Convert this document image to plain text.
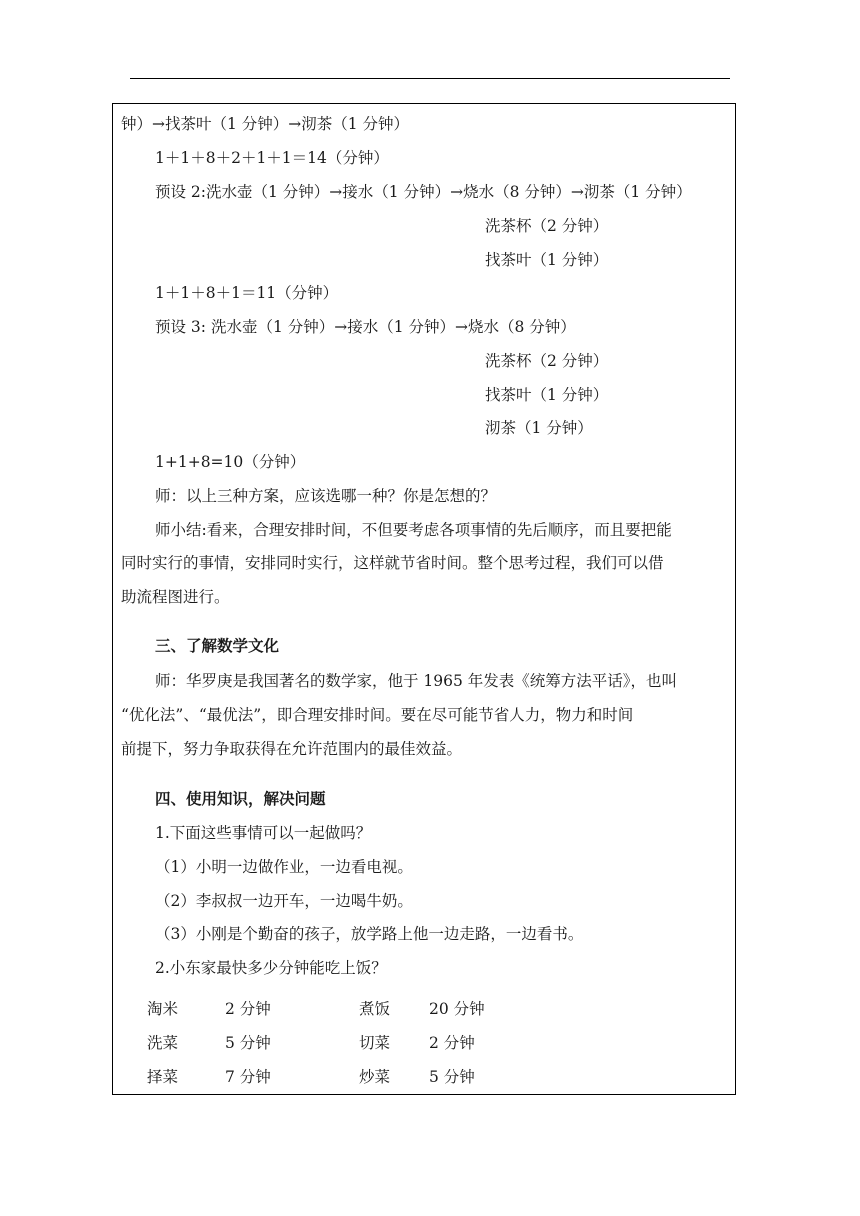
钟）→找茶叶（1 分钟）→沏茶（1 分钟）
1＋1＋8＋2＋1＋1＝14（分钟）
预设 2:洗水壶（1 分钟）→接水（1 分钟）→烧水（8 分钟）→沏茶（1 分钟）
洗茶杯（2 分钟）
找茶叶（1 分钟）
1＋1＋8＋1＝11（分钟）
预设 3: 洗水壶（1 分钟）→接水（1 分钟）→烧水（8 分钟）
洗茶杯（2 分钟）
找茶叶（1 分钟）
沏茶（1 分钟）
1+1+8=10（分钟）
师：以上三种方案，应该选哪一种？你是怎想的？
师小结:看来，合理安排时间，不但要考虑各项事情的先后顺序，而且要把能
同时实行的事情，安排同时实行，这样就节省时间。整个思考过程，我们可以借
助流程图进行。
三、了解数学文化
师：华罗庚是我国著名的数学家，他于 1965 年发表《统筹方法平话》，也叫
“优化法”、“最优法”，即合理安排时间。要在尽可能节省人力，物力和时间
前提下，努力争取获得在允许范围内的最佳效益。
四、使用知识，解决问题
1.下面这些事情可以一起做吗？
（1）小明一边做作业，一边看电视。
（2）李叔叔一边开车，一边喝牛奶。
（3）小刚是个勤奋的孩子，放学路上他一边走路，一边看书。
2.小东家最快多少分钟能吃上饭？
淘米	2 分钟	煮饭	20 分钟
洗菜	5 分钟	切菜	2 分钟
择菜	7 分钟	炒菜	5 分钟
